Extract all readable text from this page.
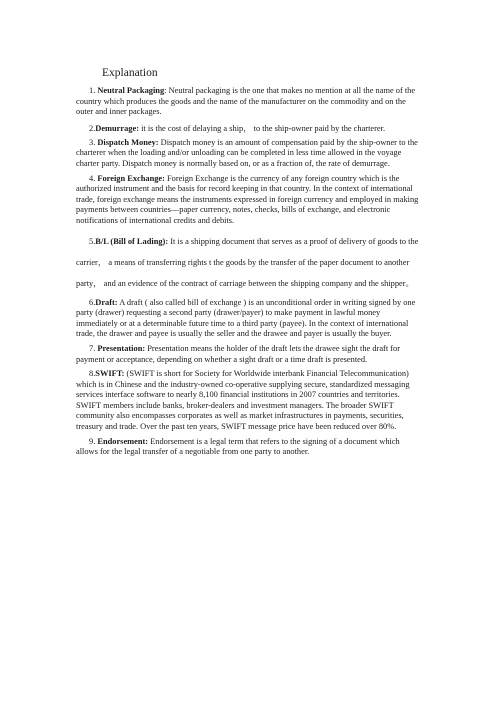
Explanation

1. Neutral Packaging: Neutral packaging is the one that makes no mention at all the name of the country which produces the goods and the name of the manufacturer on the commodity and on the outer and inner packages.

2.Demurrage: it is the cost of delaying a ship， to the ship-owner paid by the charterer.

3. Dispatch Money: Dispatch money is an amount of compensation paid by the ship-owner to the charterer when the loading and/or unloading can be completed in less time allowed in the voyage charter party. Dispatch money is normally based on, or as a fraction of, the rate of demurrage.

4. Foreign Exchange: Foreign Exchange is the currency of any foreign country which is the authorized instrument and the basis for record keeping in that country. In the context of international trade, foreign exchange means the instruments expressed in foreign currency and employed in making payments between countries—paper currency, notes, checks, bills of exchange, and electronic notifications of international credits and debits.

5.B/L (Bill of Lading): It is a shipping document that serves as a proof of delivery of goods to the carrier， a means of transferring rights t the goods by the transfer of the paper document to another party， and an evidence of the contract of carriage between the shipping company and the shipper。

6.Draft: A draft ( also called bill of exchange ) is an unconditional order in writing signed by one party (drawer) requesting a second party (drawer/payer) to make payment in lawful money immediately or at a determinable future time to a third party (payee). In the context of international trade, the drawer and payee is usually the seller and the drawee and payer is usually the buyer.

7. Presentation: Presentation means the holder of the draft lets the drawee sight the draft for payment or acceptance, depending on whether a sight draft or a time draft is presented.

8.SWIFT: (SWIFT is short for Society for Worldwide interbank Financial Telecommunication) which is in Chinese and the industry-owned co-operative supplying secure, standardized messaging services interface software to nearly 8,100 financial institutions in 2007 countries and territories. SWIFT members include banks, broker-dealers and investment managers. The broader SWIFT community also encompasses corporates as well as market infrastructures in payments, securities, treasury and trade. Over the past ten years, SWIFT message price have been reduced over 80%.

9. Endorsement: Endorsement is a legal term that refers to the signing of a document which allows for the legal transfer of a negotiable from one party to another.
